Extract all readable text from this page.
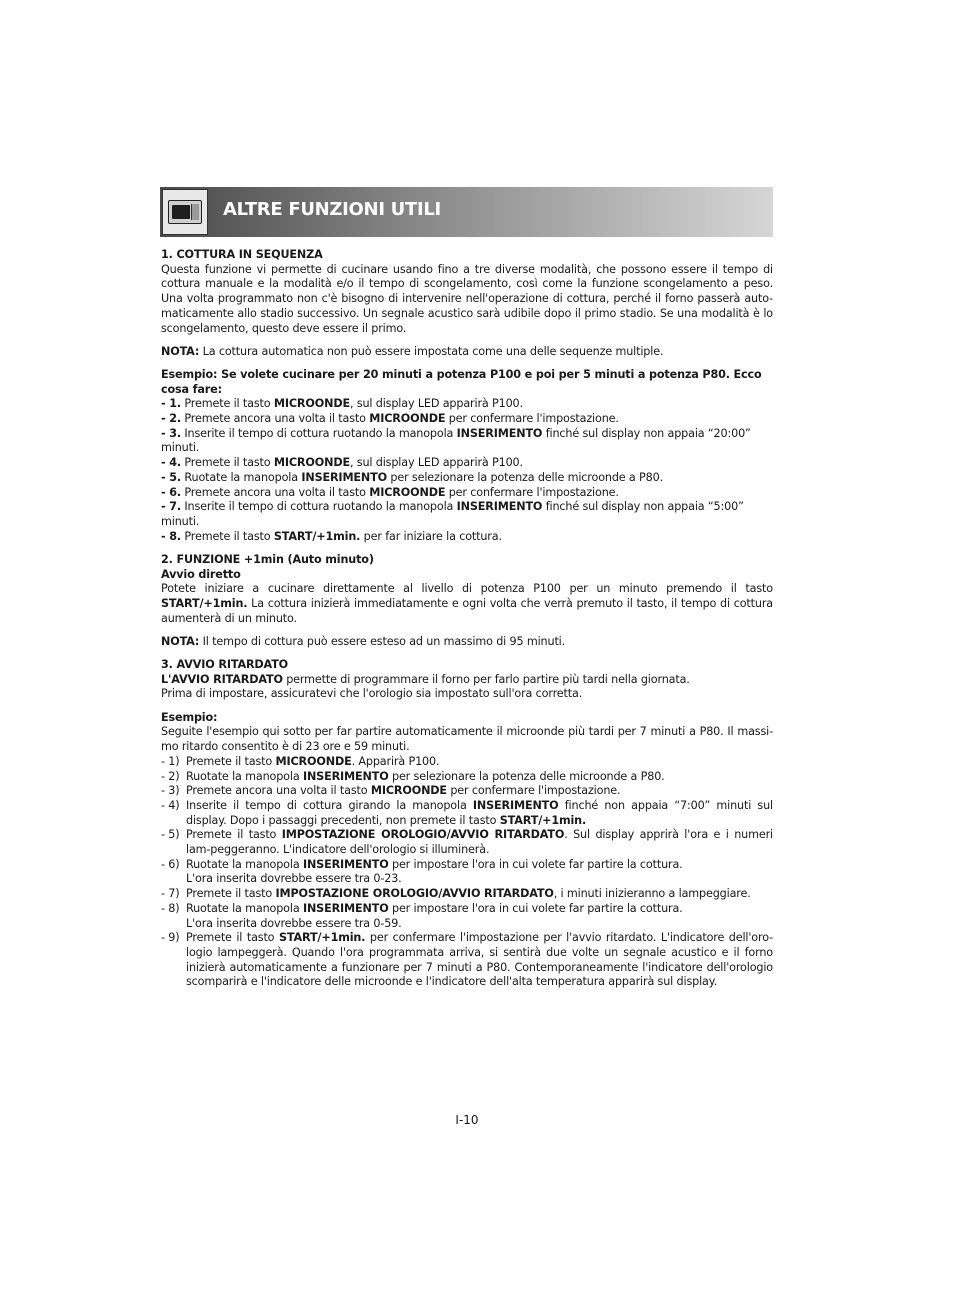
ALTRE FUNZIONI UTILI

1. COTTURA IN SEQUENZA

Questa funzione vi permette di cucinare usando fino a tre diverse modalità, che possono essere il tempo di cottura manuale e la modalità e/o il tempo di scongelamento, così come la funzione scongelamento a peso. Una volta programmato non c'è bisogno di intervenire nell'operazione di cottura, perché il forno passerà auto-maticamente allo stadio successivo. Un segnale acustico sarà udibile dopo il primo stadio. Se una modalità è lo scongelamento, questo deve essere il primo.

NOTA: La cottura automatica non può essere impostata come una delle sequenze multiple.

Esempio: Se volete cucinare per 20 minuti a potenza P100 e poi per 5 minuti a potenza P80. Ecco cosa fare:

- 1. Premete il tasto MICROONDE, sul display LED apparirà P100.

- 2. Premete ancora una volta il tasto MICROONDE per confermare l'impostazione.

- 3. Inserite il tempo di cottura ruotando la manopola INSERIMENTO finché sul display non appaia “20:00” minuti.

- 4. Premete il tasto MICROONDE, sul display LED apparirà P100.

- 5. Ruotate la manopola INSERIMENTO per selezionare la potenza delle microonde a P80.

- 6. Premete ancora una volta il tasto MICROONDE per confermare l'impostazione.

- 7. Inserite il tempo di cottura ruotando la manopola INSERIMENTO finché sul display non appaia “5:00” minuti.

- 8. Premete il tasto START/+1min. per far iniziare la cottura.

2. FUNZIONE +1min (Auto minuto)

Avvio diretto

Potete iniziare a cucinare direttamente al livello di potenza P100 per un minuto premendo il tasto START/+1min. La cottura inizierà immediatamente e ogni volta che verrà premuto il tasto, il tempo di cottura aumenterà di un minuto.

NOTA: Il tempo di cottura può essere esteso ad un massimo di 95 minuti.

3. AVVIO RITARDATO

L'AVVIO RITARDATO permette di programmare il forno per farlo partire più tardi nella giornata.

Prima di impostare, assicuratevi che l'orologio sia impostato sull'ora corretta.

Esempio:

Seguite l'esempio qui sotto per far partire automaticamente il microonde più tardi per 7 minuti a P80. Il massi-mo ritardo consentito è di 23 ore e 59 minuti.

- 1) Premete il tasto MICROONDE. Apparirà P100.
- 2) Ruotate la manopola INSERIMENTO per selezionare la potenza delle microonde a P80.
- 3) Premete ancora una volta il tasto MICROONDE per confermare l'impostazione.
- 4) Inserite il tempo di cottura girando la manopola INSERIMENTO finché non appaia “7:00” minuti sul display. Dopo i passaggi precedenti, non premete il tasto START/+1min.
- 5) Premete il tasto IMPOSTAZIONE OROLOGIO/AVVIO RITARDATO. Sul display apprirà l'ora e i numeri lam-peggeranno. L'indicatore dell'orologio si illuminerà.
- 6) Ruotate la manopola INSERIMENTO per impostare l'ora in cui volete far partire la cottura.
L'ora inserita dovrebbe essere tra 0-23.
- 7) Premete il tasto IMPOSTAZIONE OROLOGIO/AVVIO RITARDATO, i minuti inizieranno a lampeggiare.
- 8) Ruotate la manopola INSERIMENTO per impostare l'ora in cui volete far partire la cottura.
L'ora inserita dovrebbe essere tra 0-59.
- 9) Premete il tasto START/+1min. per confermare l'impostazione per l'avvio ritardato. L'indicatore dell'oro-logio lampeggerà. Quando l'ora programmata arriva, si sentirà due volte un segnale acustico e il forno inizierà automaticamente a funzionare per 7 minuti a P80. Contemporaneamente l'indicatore dell'orologio scomparirà e l'indicatore delle microonde e l'indicatore dell'alta temperatura apparirà sul display.
I-10
